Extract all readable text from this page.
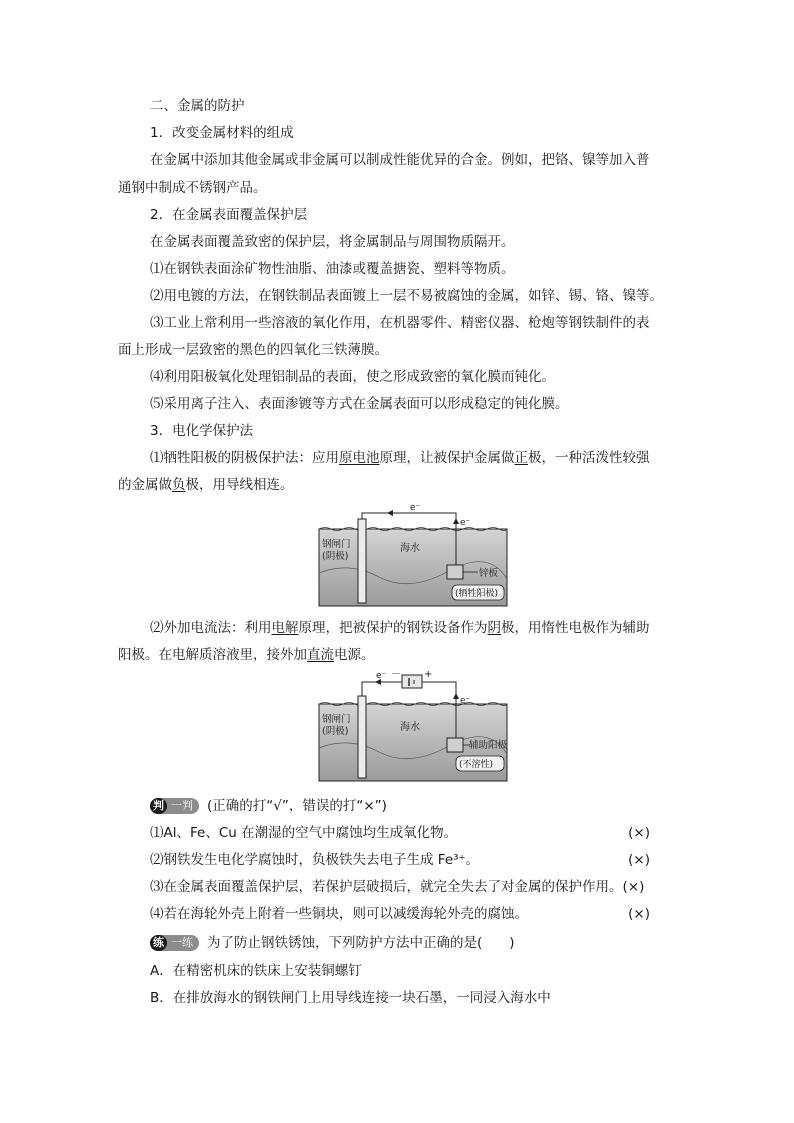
二、金属的防护
1．改变金属材料的组成
在金属中添加其他金属或非金属可以制成性能优异的合金。例如，把铬、镍等加入普
通钢中制成不锈钢产品。
2．在金属表面覆盖保护层
在金属表面覆盖致密的保护层，将金属制品与周围物质隔开。
⑴在钢铁表面涂矿物性油脂、油漆或覆盖搪瓷、塑料等物质。
⑵用电镀的方法，在钢铁制品表面镀上一层不易被腐蚀的金属，如锌、锡、铬、镍等。
⑶工业上常利用一些溶液的氧化作用，在机器零件、精密仪器、枪炮等钢铁制件的表
面上形成一层致密的黑色的四氧化三铁薄膜。
⑷利用阳极氧化处理铝制品的表面，使之形成致密的氧化膜而钝化。
⑸采用离子注入、表面渗镀等方式在金属表面可以形成稳定的钝化膜。
3．电化学保护法
⑴牺牲阳极的阴极保护法：应用原电池原理，让被保护金属做正极，一种活泼性较强
的金属做负极，用导线相连。
e⁻
e⁻
钢闸门
(阴极)
海水
锌板
(牺牲阳极)
⑵外加电流法：利用电解原理，把被保护的钢铁设备作为阴极，用惰性电极作为辅助
阳极。在电解质溶液里，接外加直流电源。
e⁻
e⁻
－ +
钢闸门
(阴极)	海水
辅助阳极
(不溶性)
判 一判 (正确的打“√”，错误的打“×”)
⑴Al、Fe、Cu 在潮湿的空气中腐蚀均生成氧化物。	(×)
⑵钢铁发生电化学腐蚀时，负极铁失去电子生成 Fe³⁺。	(×)
⑶在金属表面覆盖保护层，若保护层破损后，就完全失去了对金属的保护作用。(×)
⑷若在海轮外壳上附着一些铜块，则可以减缓海轮外壳的腐蚀。	(×)
练 一练 为了防止钢铁锈蚀，下列防护方法中正确的是(　　)
A．在精密机床的铁床上安装铜螺钉
B．在排放海水的钢铁闸门上用导线连接一块石墨，一同浸入海水中
